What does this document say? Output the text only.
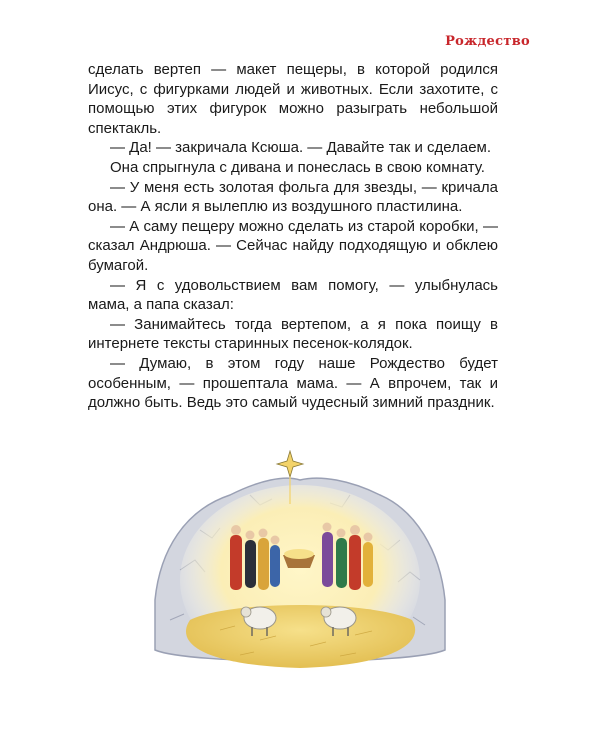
Рождество

сделать вертеп — макет пещеры, в которой родился Иисус, с фигурками людей и животных. Если захотите, с помощью этих фигурок можно разыграть небольшой спектакль.

— Да! — закричала Ксюша. — Давайте так и сделаем.

Она спрыгнула с дивана и понеслась в свою комнату.

— У меня есть золотая фольга для звезды, — кричала она. — А ясли я вылеплю из воздушного пластилина.

— А саму пещеру можно сделать из старой коробки, — сказал Андрюша. — Сейчас найду подходящую и обклею бумагой.

— Я с удовольствием вам помогу, — улыбнулась мама, а папа сказал:

— Занимайтесь тогда вертепом, а я пока поищу в интернете тексты старинных песенок-колядок.

— Думаю, в этом году наше Рождество будет особенным, — прошептала мама. — А впрочем, так и должно быть. Ведь это самый чудесный зимний праздник.
